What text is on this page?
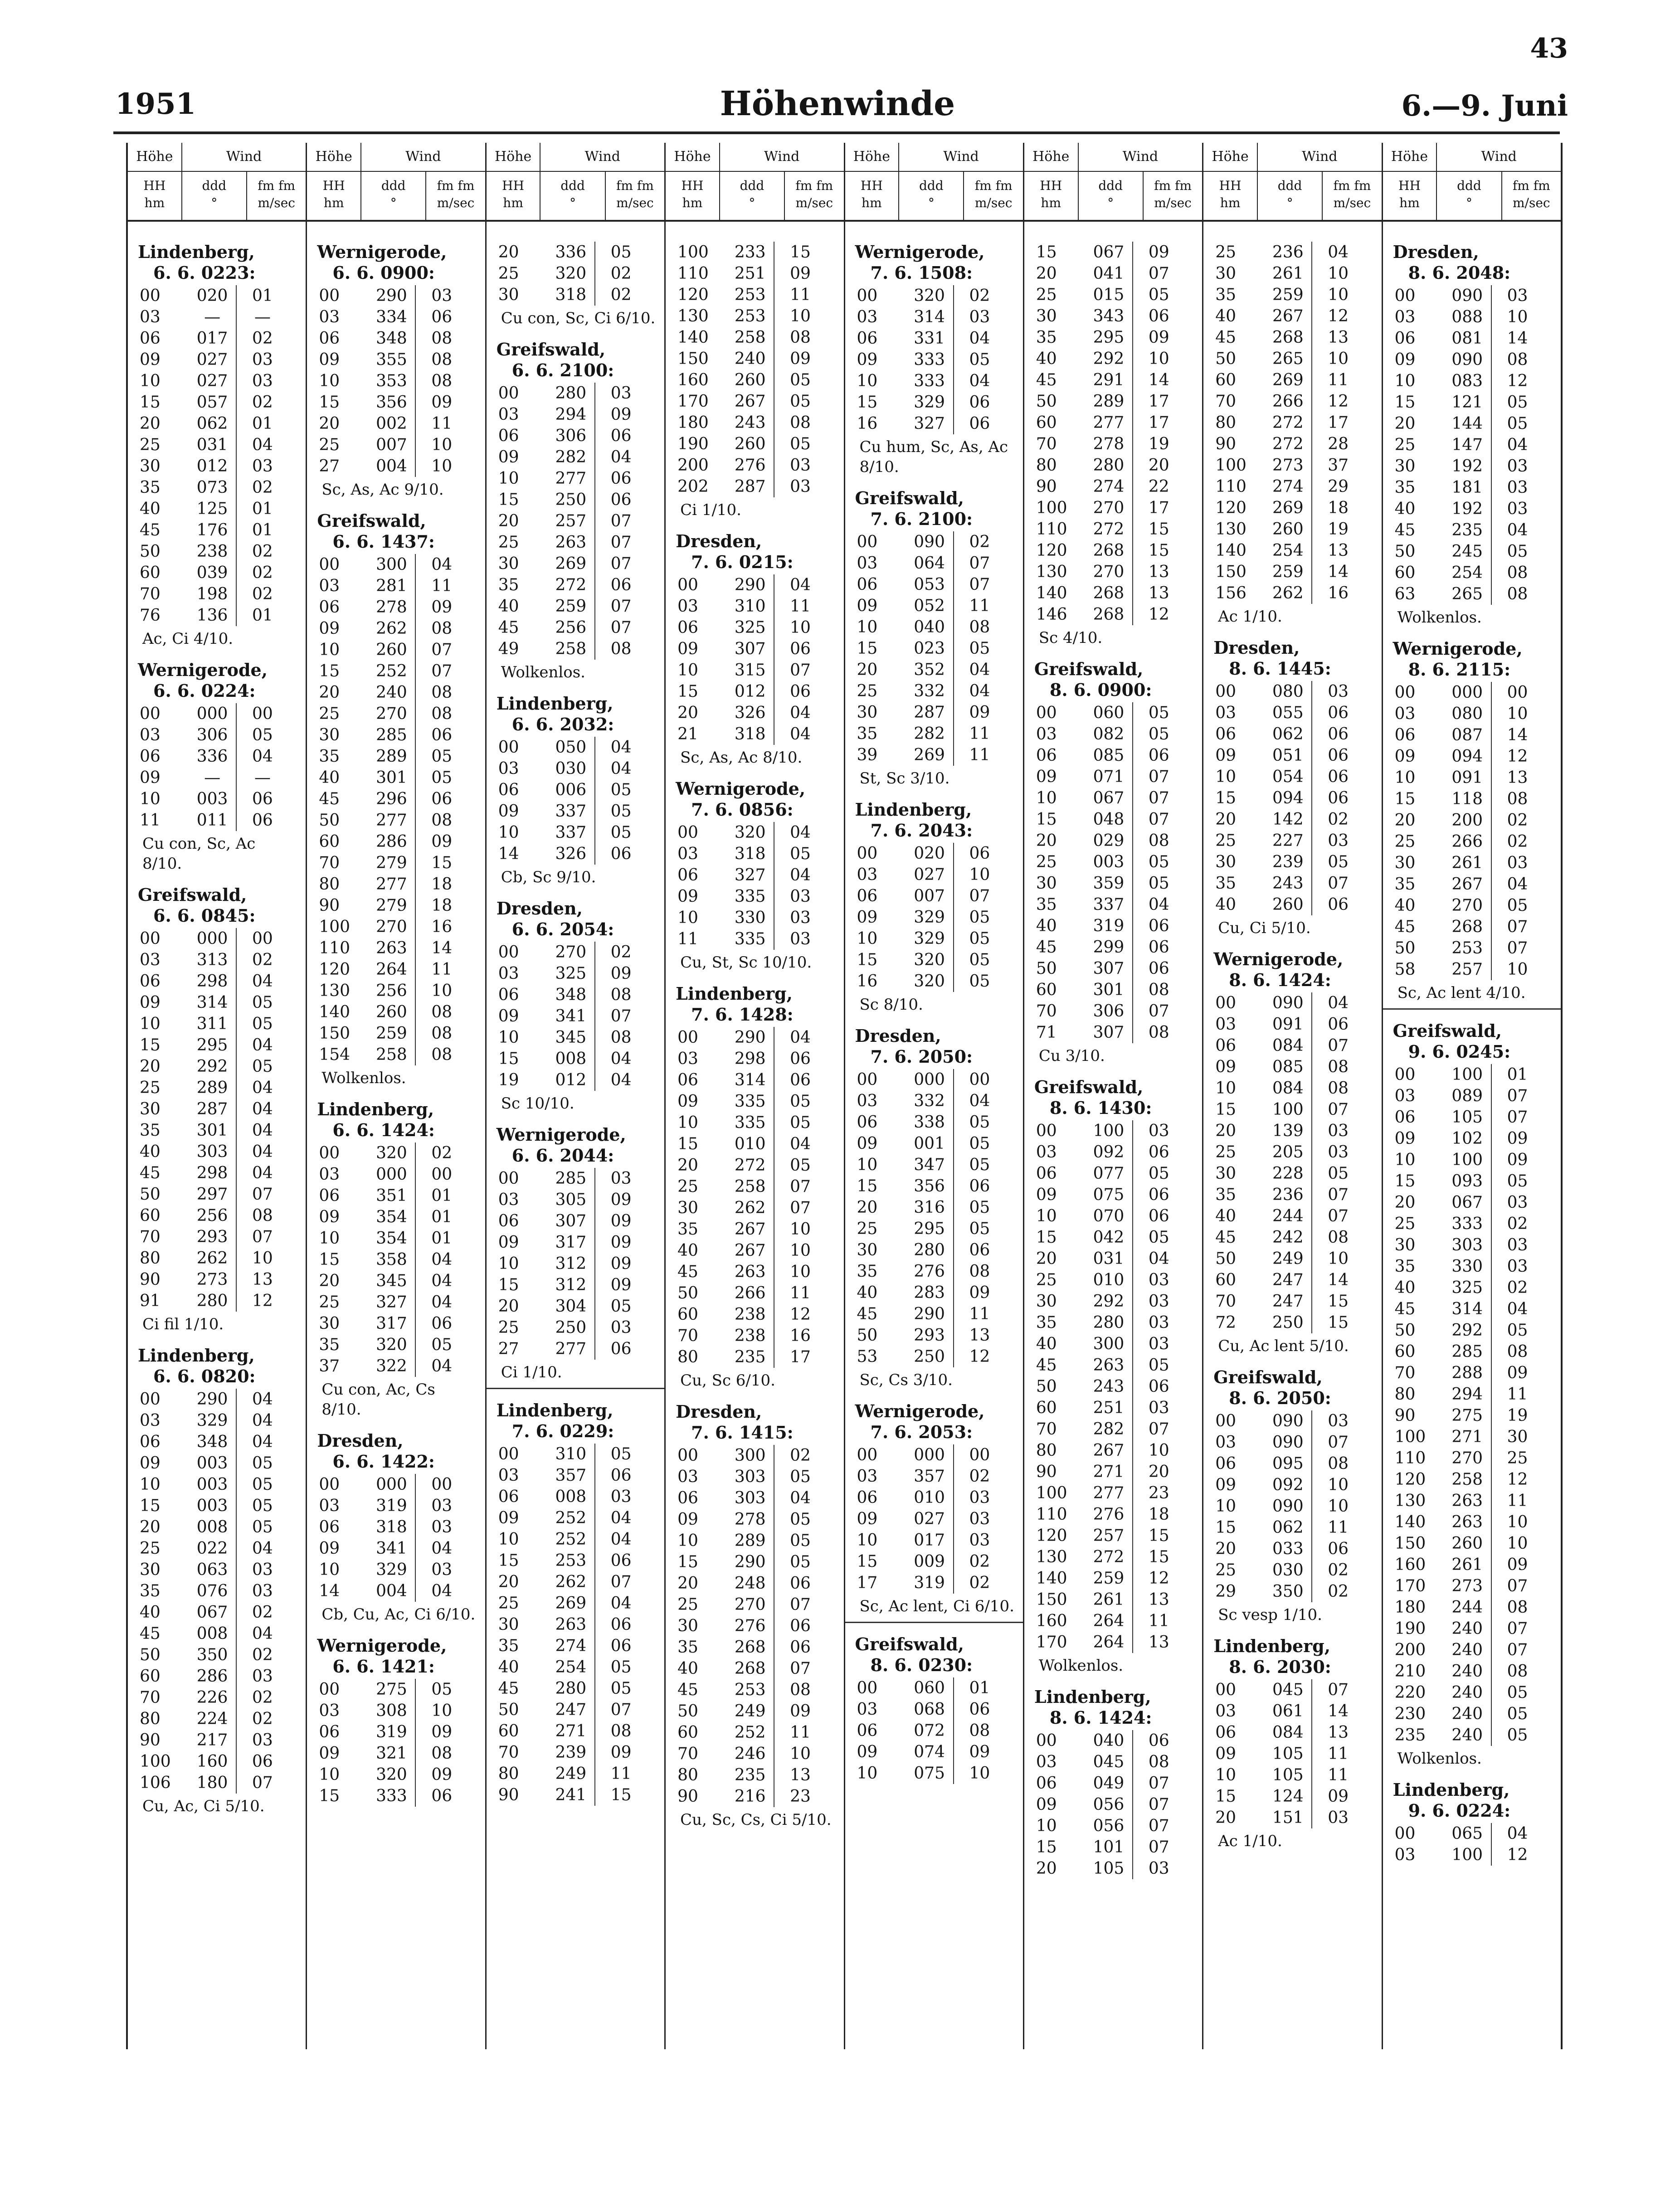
43
1951	Höhenwinde	6.—9. Juni
Höhe	Wind
HH
hm
ddd
°
fm fm
m/sec
Lindenberg,
6. 6. 0223:
00	020	01
03	—	—
06	017	02
09	027	03
10	027	03
15	057	02
20	062	01
25	031	04
30	012	03
35	073	02
40	125	01
45	176	01
50	238	02
60	039	02
70	198	02
76	136	01
Ac, Ci 4/10.
Wernigerode,
6. 6. 0224:
00	000	00
03	306	05
06	336	04
09	—	—
10	003	06
11	011	06
Cu con, Sc, Ac 8/10.
Greifswald,
6. 6. 0845:
00	000	00
03	313	02
06	298	04
09	314	05
10	311	05
15	295	04
20	292	05
25	289	04
30	287	04
35	301	04
40	303	04
45	298	04
50	297	07
60	256	08
70	293	07
80	262	10
90	273	13
91	280	12
Ci fil 1/10.
Lindenberg,
6. 6. 0820:
00	290	04
03	329	04
06	348	04
09	003	05
10	003	05
15	003	05
20	008	05
25	022	04
30	063	03
35	076	03
40	067	02
45	008	04
50	350	02
60	286	03
70	226	02
80	224	02
90	217	03
100	160	06
106	180	07
Cu, Ac, Ci 5/10.
Höhe	Wind
HH
hm
ddd
°
fm fm
m/sec
Wernigerode,
6. 6. 0900:
00	290	03
03	334	06
06	348	08
09	355	08
10	353	08
15	356	09
20	002	11
25	007	10
27	004	10
Sc, As, Ac 9/10.
Greifswald,
6. 6. 1437:
00	300	04
03	281	11
06	278	09
09	262	08
10	260	07
15	252	07
20	240	08
25	270	08
30	285	06
35	289	05
40	301	05
45	296	06
50	277	08
60	286	09
70	279	15
80	277	18
90	279	18
100	270	16
110	263	14
120	264	11
130	256	10
140	260	08
150	259	08
154	258	08
Wolkenlos.
Lindenberg,
6. 6. 1424:
00	320	02
03	000	00
06	351	01
09	354	01
10	354	01
15	358	04
20	345	04
25	327	04
30	317	06
35	320	05
37	322	04
Cu con, Ac, Cs 8/10.
Dresden,
6. 6. 1422:
00	000	00
03	319	03
06	318	03
09	341	04
10	329	03
14	004	04
Cb, Cu, Ac, Ci 6/10.
Wernigerode,
6. 6. 1421:
00	275	05
03	308	10
06	319	09
09	321	08
10	320	09
15	333	06
Höhe	Wind
HH
hm
ddd
°
fm fm
m/sec
20	336	05
25	320	02
30	318	02
Cu con, Sc, Ci 6/10.
Greifswald,
6. 6. 2100:
00	280	03
03	294	09
06	306	06
09	282	04
10	277	06
15	250	06
20	257	07
25	263	07
30	269	07
35	272	06
40	259	07
45	256	07
49	258	08
Wolkenlos.
Lindenberg,
6. 6. 2032:
00	050	04
03	030	04
06	006	05
09	337	05
10	337	05
14	326	06
Cb, Sc 9/10.
Dresden,
6. 6. 2054:
00	270	02
03	325	09
06	348	08
09	341	07
10	345	08
15	008	04
19	012	04
Sc 10/10.
Wernigerode,
6. 6. 2044:
00	285	03
03	305	09
06	307	09
09	317	09
10	312	09
15	312	09
20	304	05
25	250	03
27	277	06
Ci 1/10.
Lindenberg,
7. 6. 0229:
00	310	05
03	357	06
06	008	03
09	252	04
10	252	04
15	253	06
20	262	07
25	269	04
30	263	06
35	274	06
40	254	05
45	280	05
50	247	07
60	271	08
70	239	09
80	249	11
90	241	15
Höhe	Wind
HH
hm
ddd
°
fm fm
m/sec
100	233	15
110	251	09
120	253	11
130	253	10
140	258	08
150	240	09
160	260	05
170	267	05
180	243	08
190	260	05
200	276	03
202	287	03
Ci 1/10.
Dresden,
7. 6. 0215:
00	290	04
03	310	11
06	325	10
09	307	06
10	315	07
15	012	06
20	326	04
21	318	04
Sc, As, Ac 8/10.
Wernigerode,
7. 6. 0856:
00	320	04
03	318	05
06	327	04
09	335	03
10	330	03
11	335	03
Cu, St, Sc 10/10.
Lindenberg,
7. 6. 1428:
00	290	04
03	298	06
06	314	06
09	335	05
10	335	05
15	010	04
20	272	05
25	258	07
30	262	07
35	267	10
40	267	10
45	263	10
50	266	11
60	238	12
70	238	16
80	235	17
Cu, Sc 6/10.
Dresden,
7. 6. 1415:
00	300	02
03	303	05
06	303	04
09	278	05
10	289	05
15	290	05
20	248	06
25	270	07
30	276	06
35	268	06
40	268	07
45	253	08
50	249	09
60	252	11
70	246	10
80	235	13
90	216	23
Cu, Sc, Cs, Ci 5/10.
Höhe	Wind
HH
hm
ddd
°
fm fm
m/sec
Wernigerode,
7. 6. 1508:
00	320	02
03	314	03
06	331	04
09	333	05
10	333	04
15	329	06
16	327	06
Cu hum, Sc, As, Ac 8/10.
Greifswald,
7. 6. 2100:
00	090	02
03	064	07
06	053	07
09	052	11
10	040	08
15	023	05
20	352	04
25	332	04
30	287	09
35	282	11
39	269	11
St, Sc 3/10.
Lindenberg,
7. 6. 2043:
00	020	06
03	027	10
06	007	07
09	329	05
10	329	05
15	320	05
16	320	05
Sc 8/10.
Dresden,
7. 6. 2050:
00	000	00
03	332	04
06	338	05
09	001	05
10	347	05
15	356	06
20	316	05
25	295	05
30	280	06
35	276	08
40	283	09
45	290	11
50	293	13
53	250	12
Sc, Cs 3/10.
Wernigerode,
7. 6. 2053:
00	000	00
03	357	02
06	010	03
09	027	03
10	017	03
15	009	02
17	319	02
Sc, Ac lent, Ci 6/10.
Greifswald,
8. 6. 0230:
00	060	01
03	068	06
06	072	08
09	074	09
10	075	10
Höhe	Wind
HH
hm
ddd
°
fm fm
m/sec
15	067	09
20	041	07
25	015	05
30	343	06
35	295	09
40	292	10
45	291	14
50	289	17
60	277	17
70	278	19
80	280	20
90	274	22
100	270	17
110	272	15
120	268	15
130	270	13
140	268	13
146	268	12
Sc 4/10.
Greifswald,
8. 6. 0900:
00	060	05
03	082	05
06	085	06
09	071	07
10	067	07
15	048	07
20	029	08
25	003	05
30	359	05
35	337	04
40	319	06
45	299	06
50	307	06
60	301	08
70	306	07
71	307	08
Cu 3/10.
Greifswald,
8. 6. 1430:
00	100	03
03	092	06
06	077	05
09	075	06
10	070	06
15	042	05
20	031	04
25	010	03
30	292	03
35	280	03
40	300	03
45	263	05
50	243	06
60	251	03
70	282	07
80	267	10
90	271	20
100	277	23
110	276	18
120	257	15
130	272	15
140	259	12
150	261	13
160	264	11
170	264	13
Wolkenlos.
Lindenberg,
8. 6. 1424:
00	040	06
03	045	08
06	049	07
09	056	07
10	056	07
15	101	07
20	105	03
Höhe	Wind
HH
hm
ddd
°
fm fm
m/sec
25	236	04
30	261	10
35	259	10
40	267	12
45	268	13
50	265	10
60	269	11
70	266	12
80	272	17
90	272	28
100	273	37
110	274	29
120	269	18
130	260	19
140	254	13
150	259	14
156	262	16
Ac 1/10.
Dresden,
8. 6. 1445:
00	080	03
03	055	06
06	062	06
09	051	06
10	054	06
15	094	06
20	142	02
25	227	03
30	239	05
35	243	07
40	260	06
Cu, Ci 5/10.
Wernigerode,
8. 6. 1424:
00	090	04
03	091	06
06	084	07
09	085	08
10	084	08
15	100	07
20	139	03
25	205	03
30	228	05
35	236	07
40	244	07
45	242	08
50	249	10
60	247	14
70	247	15
72	250	15
Cu, Ac lent 5/10.
Greifswald,
8. 6. 2050:
00	090	03
03	090	07
06	095	08
09	092	10
10	090	10
15	062	11
20	033	06
25	030	02
29	350	02
Sc vesp 1/10.
Lindenberg,
8. 6. 2030:
00	045	07
03	061	14
06	084	13
09	105	11
10	105	11
15	124	09
20	151	03
Ac 1/10.
Höhe	Wind
HH
hm
ddd
°
fm fm
m/sec
Dresden,
8. 6. 2048:
00	090	03
03	088	10
06	081	14
09	090	08
10	083	12
15	121	05
20	144	05
25	147	04
30	192	03
35	181	03
40	192	03
45	235	04
50	245	05
60	254	08
63	265	08
Wolkenlos.
Wernigerode,
8. 6. 2115:
00	000	00
03	080	10
06	087	14
09	094	12
10	091	13
15	118	08
20	200	02
25	266	02
30	261	03
35	267	04
40	270	05
45	268	07
50	253	07
58	257	10
Sc, Ac lent 4/10.
Greifswald,
9. 6. 0245:
00	100	01
03	089	07
06	105	07
09	102	09
10	100	09
15	093	05
20	067	03
25	333	02
30	303	03
35	330	03
40	325	02
45	314	04
50	292	05
60	285	08
70	288	09
80	294	11
90	275	19
100	271	30
110	270	25
120	258	12
130	263	11
140	263	10
150	260	10
160	261	09
170	273	07
180	244	08
190	240	07
200	240	07
210	240	08
220	240	05
230	240	05
235	240	05
Wolkenlos.
Lindenberg,
9. 6. 0224:
00	065	04
03	100	12
